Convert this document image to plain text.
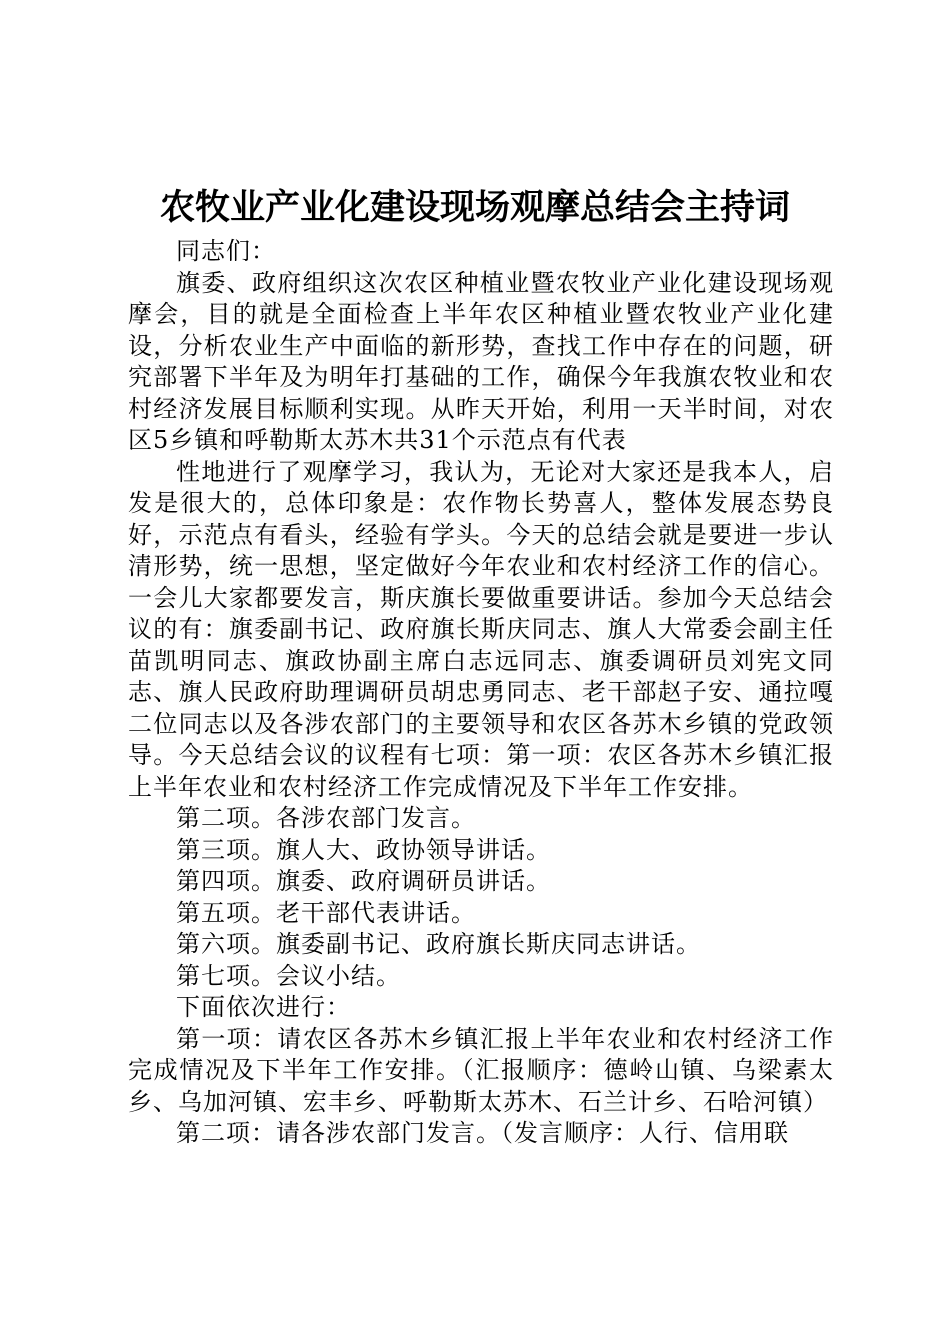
农牧业产业化建设现场观摩总结会主持词

同志们：

旗委、政府组织这次农区种植业暨农牧业产业化建设现场观摩会，目的就是全面检查上半年农区种植业暨农牧业产业化建设，分析农业生产中面临的新形势，查找工作中存在的问题，研究部署下半年及为明年打基础的工作，确保今年我旗农牧业和农村经济发展目标顺利实现。从昨天开始，利用一天半时间，对农区5乡镇和呼勒斯太苏木共31个示范点有代表

性地进行了观摩学习，我认为，无论对大家还是我本人，启发是很大的，总体印象是：农作物长势喜人，整体发展态势良好，示范点有看头，经验有学头。今天的总结会就是要进一步认清形势，统一思想，坚定做好今年农业和农村经济工作的信心。一会儿大家都要发言，斯庆旗长要做重要讲话。参加今天总结会议的有：旗委副书记、政府旗长斯庆同志、旗人大常委会副主任苗凯明同志、旗政协副主席白志远同志、旗委调研员刘宪文同志、旗人民政府助理调研员胡忠勇同志、老干部赵子安、通拉嘎二位同志以及各涉农部门的主要领导和农区各苏木乡镇的党政领导。今天总结会议的议程有七项：第一项：农区各苏木乡镇汇报上半年农业和农村经济工作完成情况及下半年工作安排。

第二项。各涉农部门发言。

第三项。旗人大、政协领导讲话。

第四项。旗委、政府调研员讲话。

第五项。老干部代表讲话。

第六项。旗委副书记、政府旗长斯庆同志讲话。

第七项。会议小结。

下面依次进行：

第一项：请农区各苏木乡镇汇报上半年农业和农村经济工作完成情况及下半年工作安排。（汇报顺序：德岭山镇、乌梁素太乡、乌加河镇、宏丰乡、呼勒斯太苏木、石兰计乡、石哈河镇）

第二项：请各涉农部门发言。（发言顺序：人行、信用联
